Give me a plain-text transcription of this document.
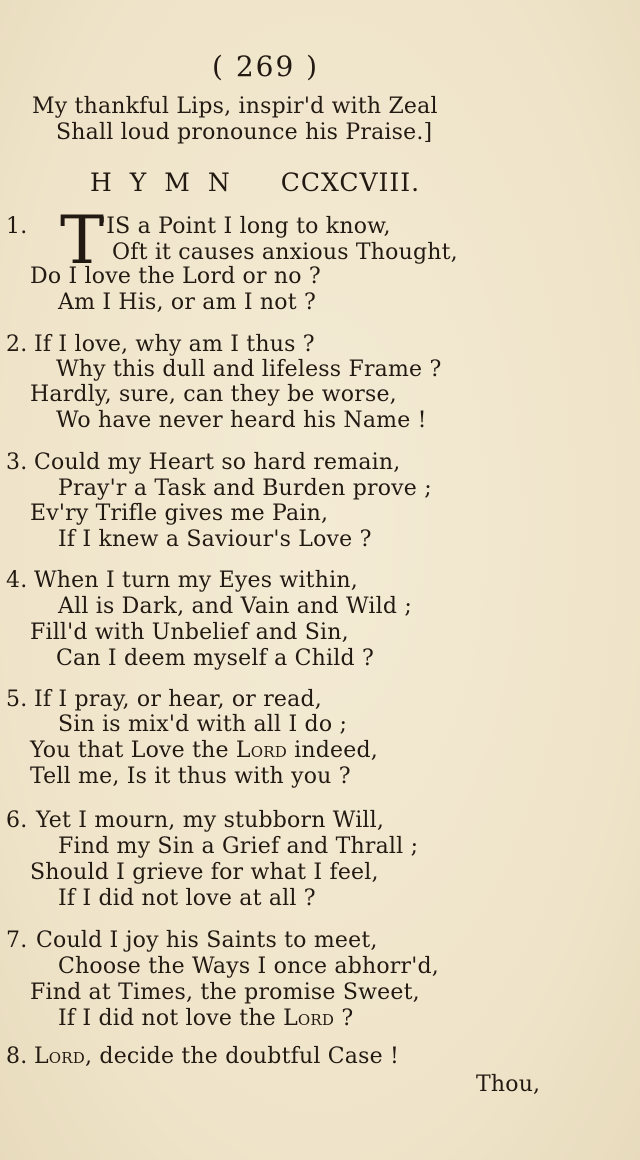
( 269 )
My thankful Lips, inspir'd with Zeal
Shall loud pronounce his Praise.]
HYMN CCXCVIII.
1. T
'IS a Point I long to know,
Oft it causes anxious Thought,
Do I love the Lord or no ?
Am I His, or am I not ?
2. If I love, why am I thus ?
Why this dull and lifeless Frame ?
Hardly, sure, can they be worse,
Wo have never heard his Name !
3. Could my Heart so hard remain,
Pray'r a Task and Burden prove ;
Ev'ry Trifle gives me Pain,
If I knew a Saviour's Love ?
4. When I turn my Eyes within,
All is Dark, and Vain and Wild ;
Fill'd with Unbelief and Sin,
Can I deem myself a Child ?
5. If I pray, or hear, or read,
Sin is mix'd with all I do ;
You that Love the Lord indeed,
Tell me, Is it thus with you ?
6. Yet I mourn, my stubborn Will,
Find my Sin a Grief and Thrall ;
Should I grieve for what I feel,
If I did not love at all ?
7. Could I joy his Saints to meet,
Choose the Ways I once abhorr'd,
Find at Times, the promise Sweet,
If I did not love the Lord ?
8. Lord, decide the doubtful Case !
Thou,
